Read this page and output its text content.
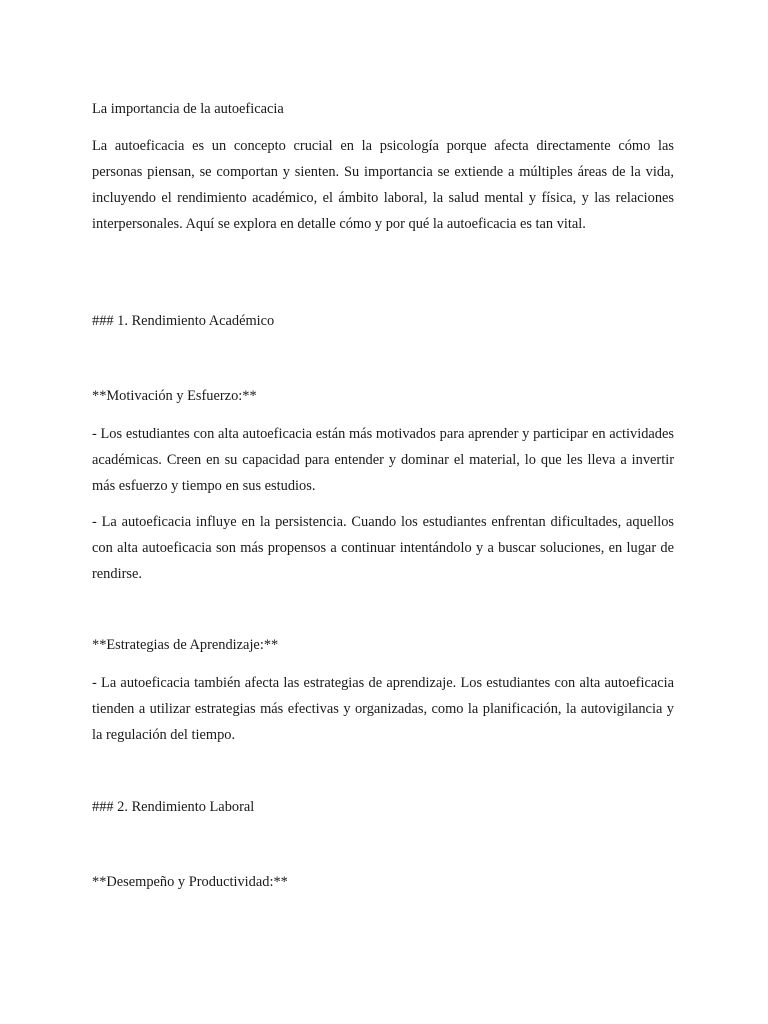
La importancia de la autoeficacia

La autoeficacia es un concepto crucial en la psicología porque afecta directamente cómo las personas piensan, se comportan y sienten. Su importancia se extiende a múltiples áreas de la vida, incluyendo el rendimiento académico, el ámbito laboral, la salud mental y física, y las relaciones interpersonales. Aquí se explora en detalle cómo y por qué la autoeficacia es tan vital.

### 1. Rendimiento Académico

**Motivación y Esfuerzo:**

- Los estudiantes con alta autoeficacia están más motivados para aprender y participar en actividades académicas. Creen en su capacidad para entender y dominar el material, lo que les lleva a invertir más esfuerzo y tiempo en sus estudios.

- La autoeficacia influye en la persistencia. Cuando los estudiantes enfrentan dificultades, aquellos con alta autoeficacia son más propensos a continuar intentándolo y a buscar soluciones, en lugar de rendirse.

**Estrategias de Aprendizaje:**

- La autoeficacia también afecta las estrategias de aprendizaje. Los estudiantes con alta autoeficacia tienden a utilizar estrategias más efectivas y organizadas, como la planificación, la autovigilancia y la regulación del tiempo.

### 2. Rendimiento Laboral

**Desempeño y Productividad:**
